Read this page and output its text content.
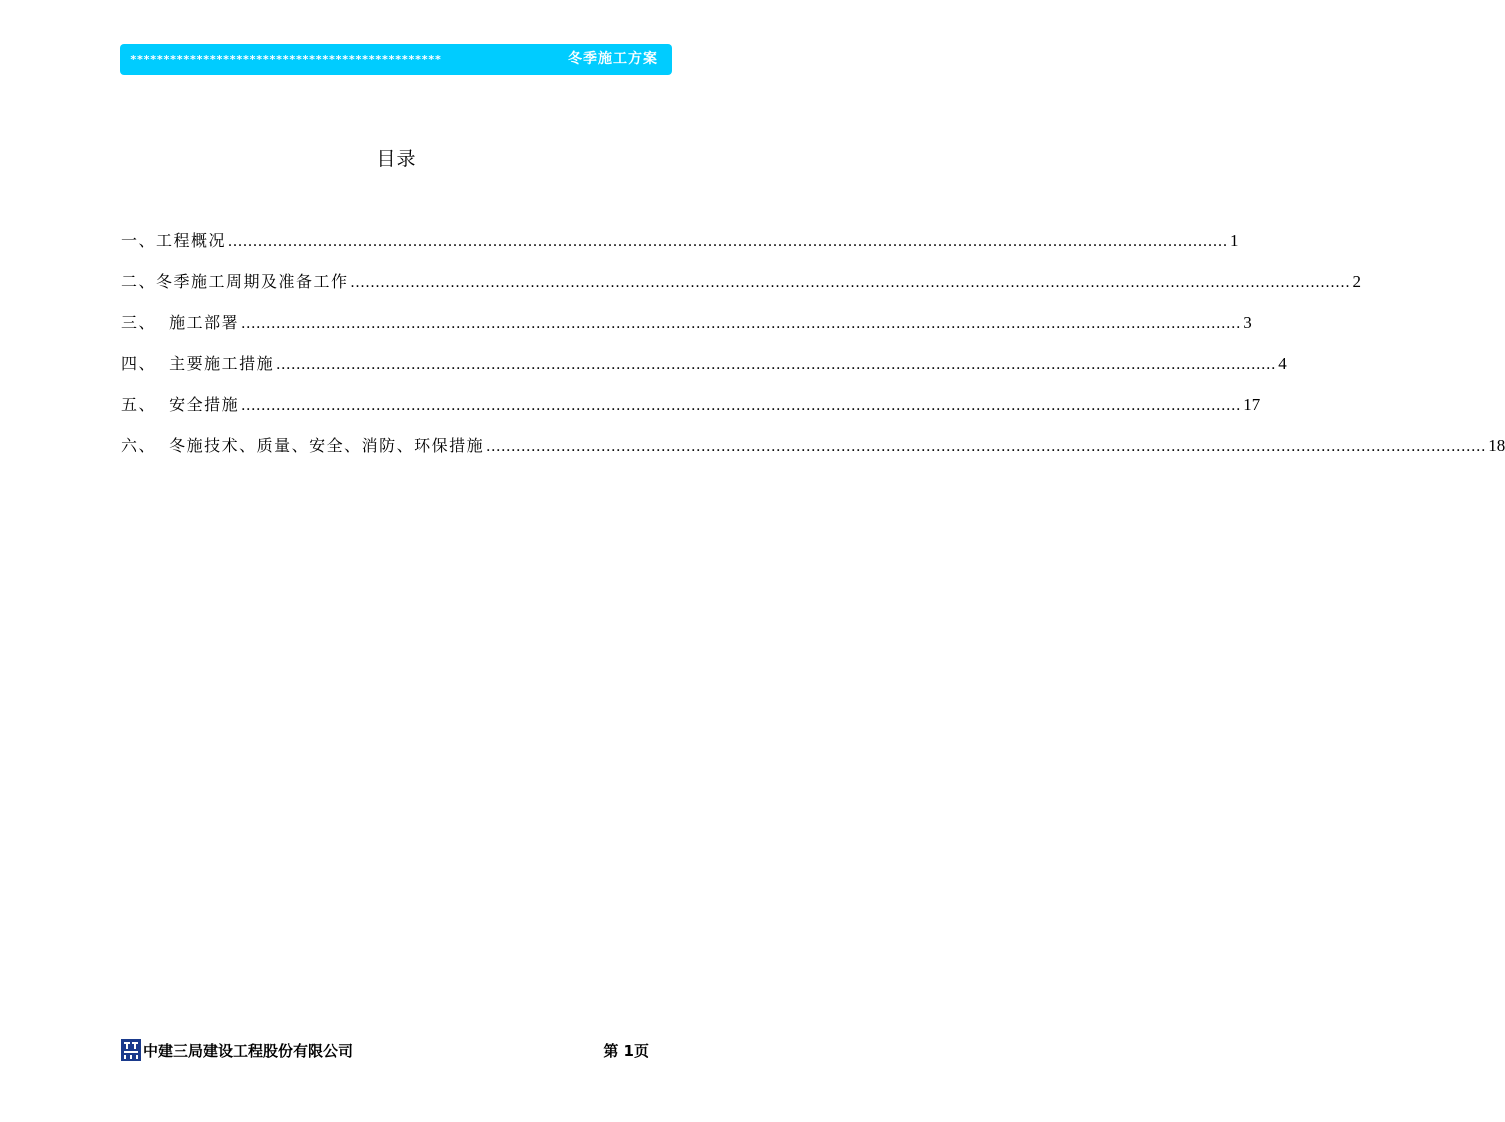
***********************************************	冬季施工方案
目录
一、工程概况 ........................................................................................................................................................................................................ 1
二、冬季施工周期及准备工作 ........................................................................................................................................................................................................ 2
三、  施工部署 ........................................................................................................................................................................................................ 3
四、  主要施工措施 ........................................................................................................................................................................................................ 4
五、  安全措施 ........................................................................................................................................................................................................ 17
六、  冬施技术、质量、安全、消防、环保措施 ........................................................................................................................................................................................................ 18
中建三局建设工程股份有限公司	第 1页
